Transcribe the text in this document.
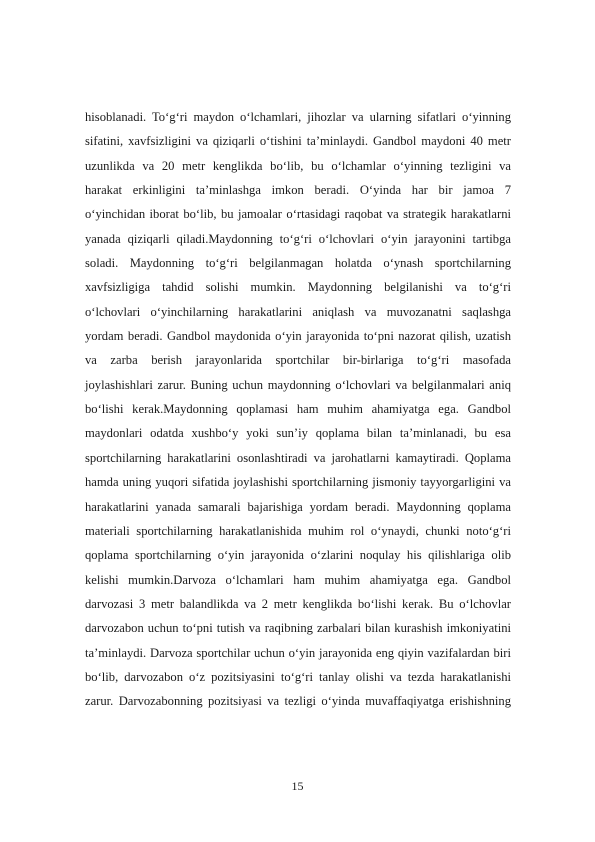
hisoblanadi. To‘g‘ri maydon o‘lchamlari, jihozlar va ularning sifatlari o‘yinning
sifatini, xavfsizligini va qiziqarli o‘tishini ta’minlaydi. Gandbol maydoni 40 metr
uzunlikda va 20 metr kenglikda bo‘lib, bu o‘lchamlar o‘yinning tezligini va
harakat erkinligini ta’minlashga imkon beradi. O‘yinda har bir jamoa 7
o‘yinchidan iborat bo‘lib, bu jamoalar o‘rtasidagi raqobat va strategik harakatlarni
yanada qiziqarli qiladi.Maydonning to‘g‘ri o‘lchovlari o‘yin jarayonini tartibga
soladi. Maydonning to‘g‘ri belgilanmagan holatda o‘ynash sportchilarning
xavfsizligiga tahdid solishi mumkin. Maydonning belgilanishi va to‘g‘ri
o‘lchovlari o‘yinchilarning harakatlarini aniqlash va muvozanatni saqlashga
yordam beradi. Gandbol maydonida o‘yin jarayonida to‘pni nazorat qilish, uzatish
va zarba berish jarayonlarida sportchilar bir-birlariga to‘g‘ri masofada
joylashishlari zarur. Buning uchun maydonning o‘lchovlari va belgilanmalari aniq
bo‘lishi kerak.Maydonning qoplamasi ham muhim ahamiyatga ega. Gandbol
maydonlari odatda xushbo‘y yoki sun’iy qoplama bilan ta’minlanadi, bu esa
sportchilarning harakatlarini osonlashtiradi va jarohatlarni kamaytiradi. Qoplama
hamda uning yuqori sifatida joylashishi sportchilarning jismoniy tayyorgarligini va
harakatlarini yanada samarali bajarishiga yordam beradi. Maydonning qoplama
materiali sportchilarning harakatlanishida muhim rol o‘ynaydi, chunki noto‘g‘ri
qoplama sportchilarning o‘yin jarayonida o‘zlarini noqulay his qilishlariga olib
kelishi mumkin.Darvoza o‘lchamlari ham muhim ahamiyatga ega. Gandbol
darvozasi 3 metr balandlikda va 2 metr kenglikda bo‘lishi kerak. Bu o‘lchovlar
darvozabon uchun to‘pni tutish va raqibning zarbalari bilan kurashish imkoniyatini
ta’minlaydi. Darvoza sportchilar uchun o‘yin jarayonida eng qiyin vazifalardan biri
bo‘lib, darvozabon o‘z pozitsiyasini to‘g‘ri tanlay olishi va tezda harakatlanishi
zarur. Darvozabonning pozitsiyasi va tezligi o‘yinda muvaffaqiyatga erishishning
15
